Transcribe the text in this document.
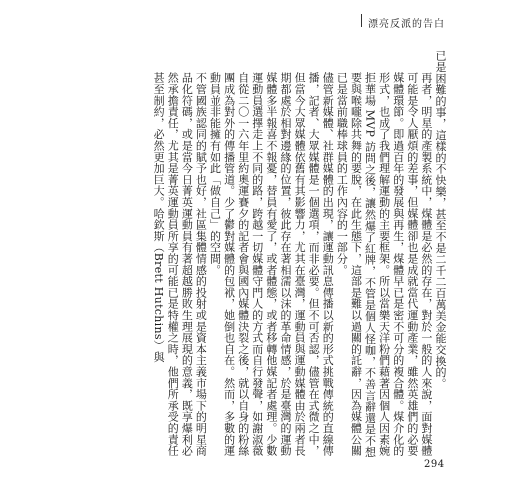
漂亮反派的告白

已是困難的事，這樣的不快樂，甚至不是二千二百萬美金能交換的。

再者，明星的產製系統中，煤體是必然的存在，對於一般的人來說，面對媒體可能是令人厭煩的差事，但媒體卻也是成就當代運動產業，雖然英雄們的必要媒體環節。即過百年的發展與再生，煤體早已是密不可分的複合體。煤介化的形式，也成了我們理解運動的主要框架。所以當樂天洋粉們藉著因個人因素婉拒華場 MVP 訪問之後，讓然爆了紅牌，不管是個人怪咖，不善言辭還是不想要與喉嚨除共舞的要脫，在此生態下，這部是難以過關的託辭，因為媒體公關已是當前職棒球員的工作內容的一部分。

儘管新媒體、社群媒體的出現，讓運動訊息傳播以新的形式挑戰傳統的直線傳播，記者、大眾媒體是一個選項，而非必要。但不可否認，儘管在式微之中，但當今大眾媒體依舊有其影響力，尤其在臺灣，運動員與運動媒體由於兩者長期都處於相對邊緣的位置，彼此存在著相濡以沫的革命情感，於是臺灣的運動媒體多半報喜不報憂，替員有愛了，或者體態，或者移轉他媒記者處理。少數運動員選擇走上不同的路，跨越一切媒體守門人的方式而自行發聲，如謝淑薇自從二〇一六年里約奧運賽夕的記者會與國內媒體決裂之後，就以自身的粉絲團成為對外的傳播管道。少了鬱對媒體的包袱，她倒也自在。然而，多數的運動員並非能擁有如此「做自己」的空間。

不管國族認同的賦予也好，社區集體情感的投射或是資本主義市場下的明星商品化符碼，或是當今日菁英運動員有著超越勝敗生理展現的意義，既享爆利必然承擔責任，尤其是菁英運動員所享的可能已是特權之時，他們所承受的責任甚至制約，必然更加巨大。哈欽斯（Brett Hutchins）與

294
